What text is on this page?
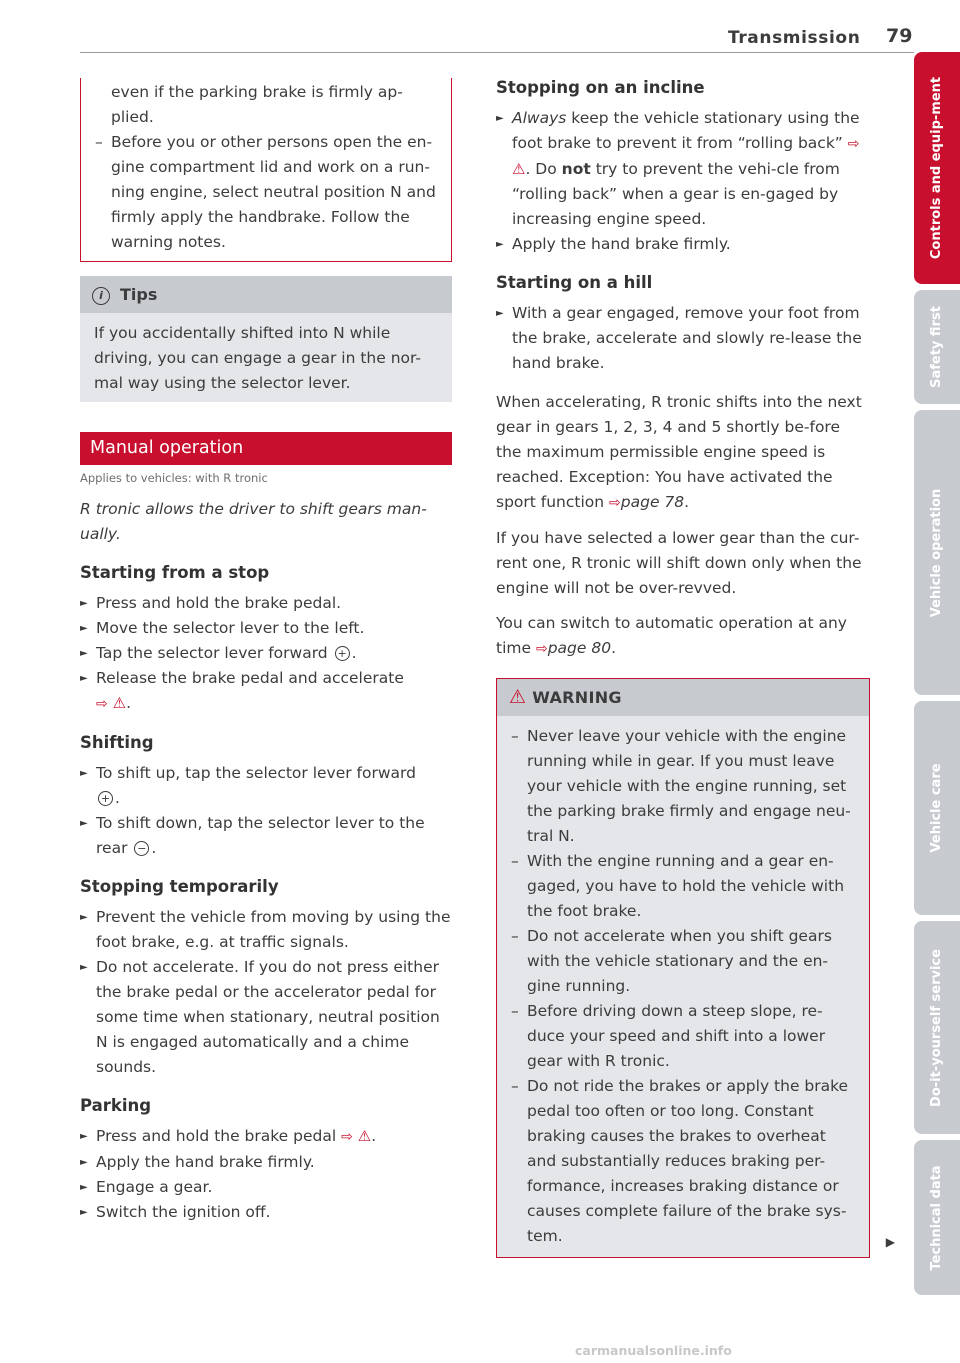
Transmission 79
even if the parking brake is firmly ap-plied.
– Before you or other persons open the en-gine compartment lid and work on a run-ning engine, select neutral position N and firmly apply the handbrake. Follow the warning notes.
i Tips
If you accidentally shifted into N while driving, you can engage a gear in the nor-mal way using the selector lever.
Manual operation
Applies to vehicles: with R tronic
R tronic allows the driver to shift gears man-ually.
Starting from a stop
► Press and hold the brake pedal.
► Move the selector lever to the left.
► Tap the selector lever forward + .
► Release the brake pedal and accelerate
⇨ ⚠.
Shifting
► To shift up, tap the selector lever forward
+ .
► To shift down, tap the selector lever to the rear − .
Stopping temporarily
► Prevent the vehicle from moving by using the foot brake, e.g. at traffic signals.
► Do not accelerate. If you do not press either the brake pedal or the accelerator pedal for some time when stationary, neutral position N is engaged automatically and a chime sounds.
Parking
► Press and hold the brake pedal ⇨ ⚠.
► Apply the hand brake firmly.
► Engage a gear.
► Switch the ignition off.
Stopping on an incline
► Always keep the vehicle stationary using the foot brake to prevent it from “rolling back” ⇨ ⚠. Do not try to prevent the vehi-cle from “rolling back” when a gear is en-gaged by increasing engine speed.
► Apply the hand brake firmly.
Starting on a hill
► With a gear engaged, remove your foot from the brake, accelerate and slowly re-lease the hand brake.

When accelerating, R tronic shifts into the next gear in gears 1, 2, 3, 4 and 5 shortly be-fore the maximum permissible engine speed is reached. Exception: You have activated the sport function ⇨page 78.

If you have selected a lower gear than the cur-rent one, R tronic will shift down only when the engine will not be over-revved.

You can switch to automatic operation at any time ⇨page 80.

⚠ WARNING
– Never leave your vehicle with the engine running while in gear. If you must leave your vehicle with the engine running, set the parking brake firmly and engage neu-tral N.
– With the engine running and a gear en-gaged, you have to hold the vehicle with the foot brake.
– Do not accelerate when you shift gears with the vehicle stationary and the en-gine running.
– Before driving down a steep slope, re-duce your speed and shift into a lower gear with R tronic.
– Do not ride the brakes or apply the brake pedal too often or too long. Constant braking causes the brakes to overheat and substantially reduces braking per-formance, increases braking distance or causes complete failure of the brake sys-tem.	▶
Controls and equip-ment
Safety first
Vehicle operation
Vehicle care
Do-it-yourself service
Technical data
carmanualsonline.info
